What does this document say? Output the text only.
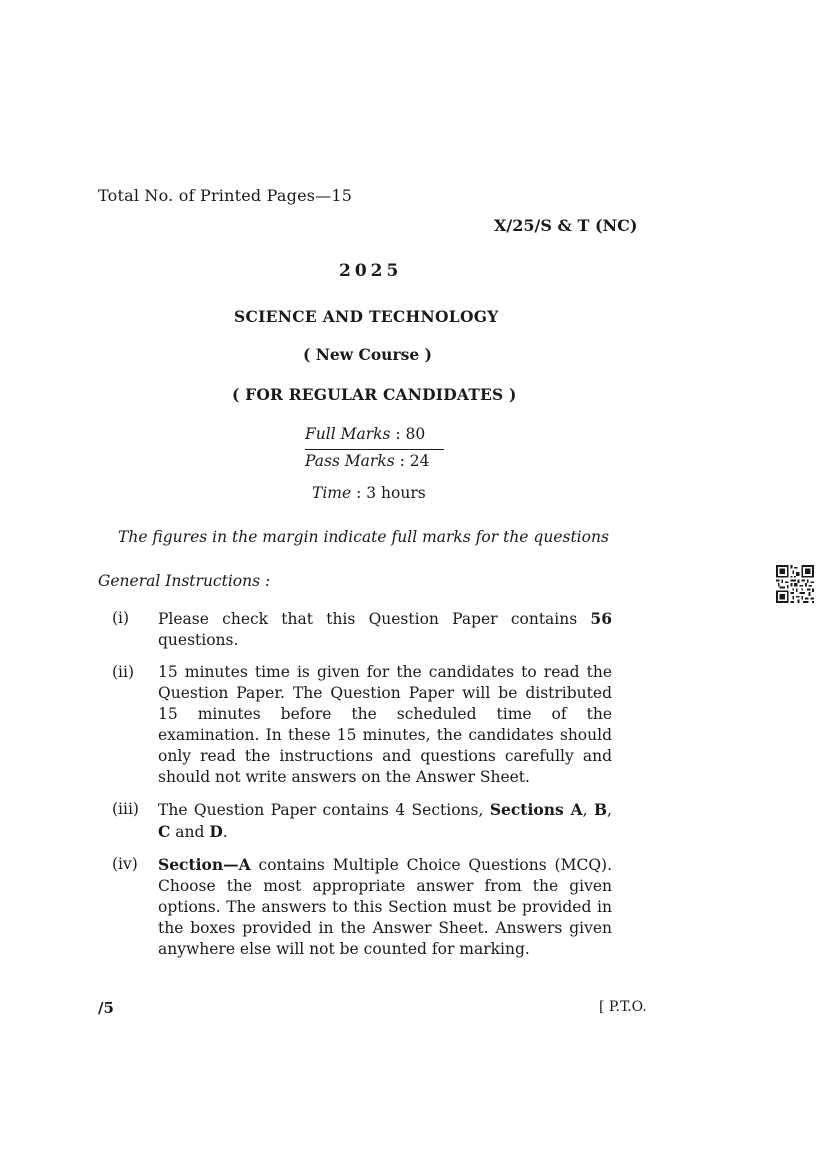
Total No. of Printed Pages—15
X/25/S & T (NC)
2025
SCIENCE AND TECHNOLOGY
( New Course )
( FOR REGULAR CANDIDATES )
Full Marks : 80
Pass Marks : 24
Time : 3 hours
The figures in the margin indicate full marks for the questions
General Instructions :
(i)	Please check that this Question Paper contains 56 questions.
(ii)	15 minutes time is given for the candidates to read the Question Paper. The Question Paper will be distributed 15 minutes before the scheduled time of the examination. In these 15 minutes, the candidates should only read the instructions and questions carefully and should not write answers on the Answer Sheet.
(iii)	The Question Paper contains 4 Sections, Sections A, B, C and D.
(iv)	Section—A contains Multiple Choice Questions (MCQ). Choose the most appropriate answer from the given options. The answers to this Section must be provided in the boxes provided in the Answer Sheet. Answers given anywhere else will not be counted for marking.
/5	[ P.T.O.
